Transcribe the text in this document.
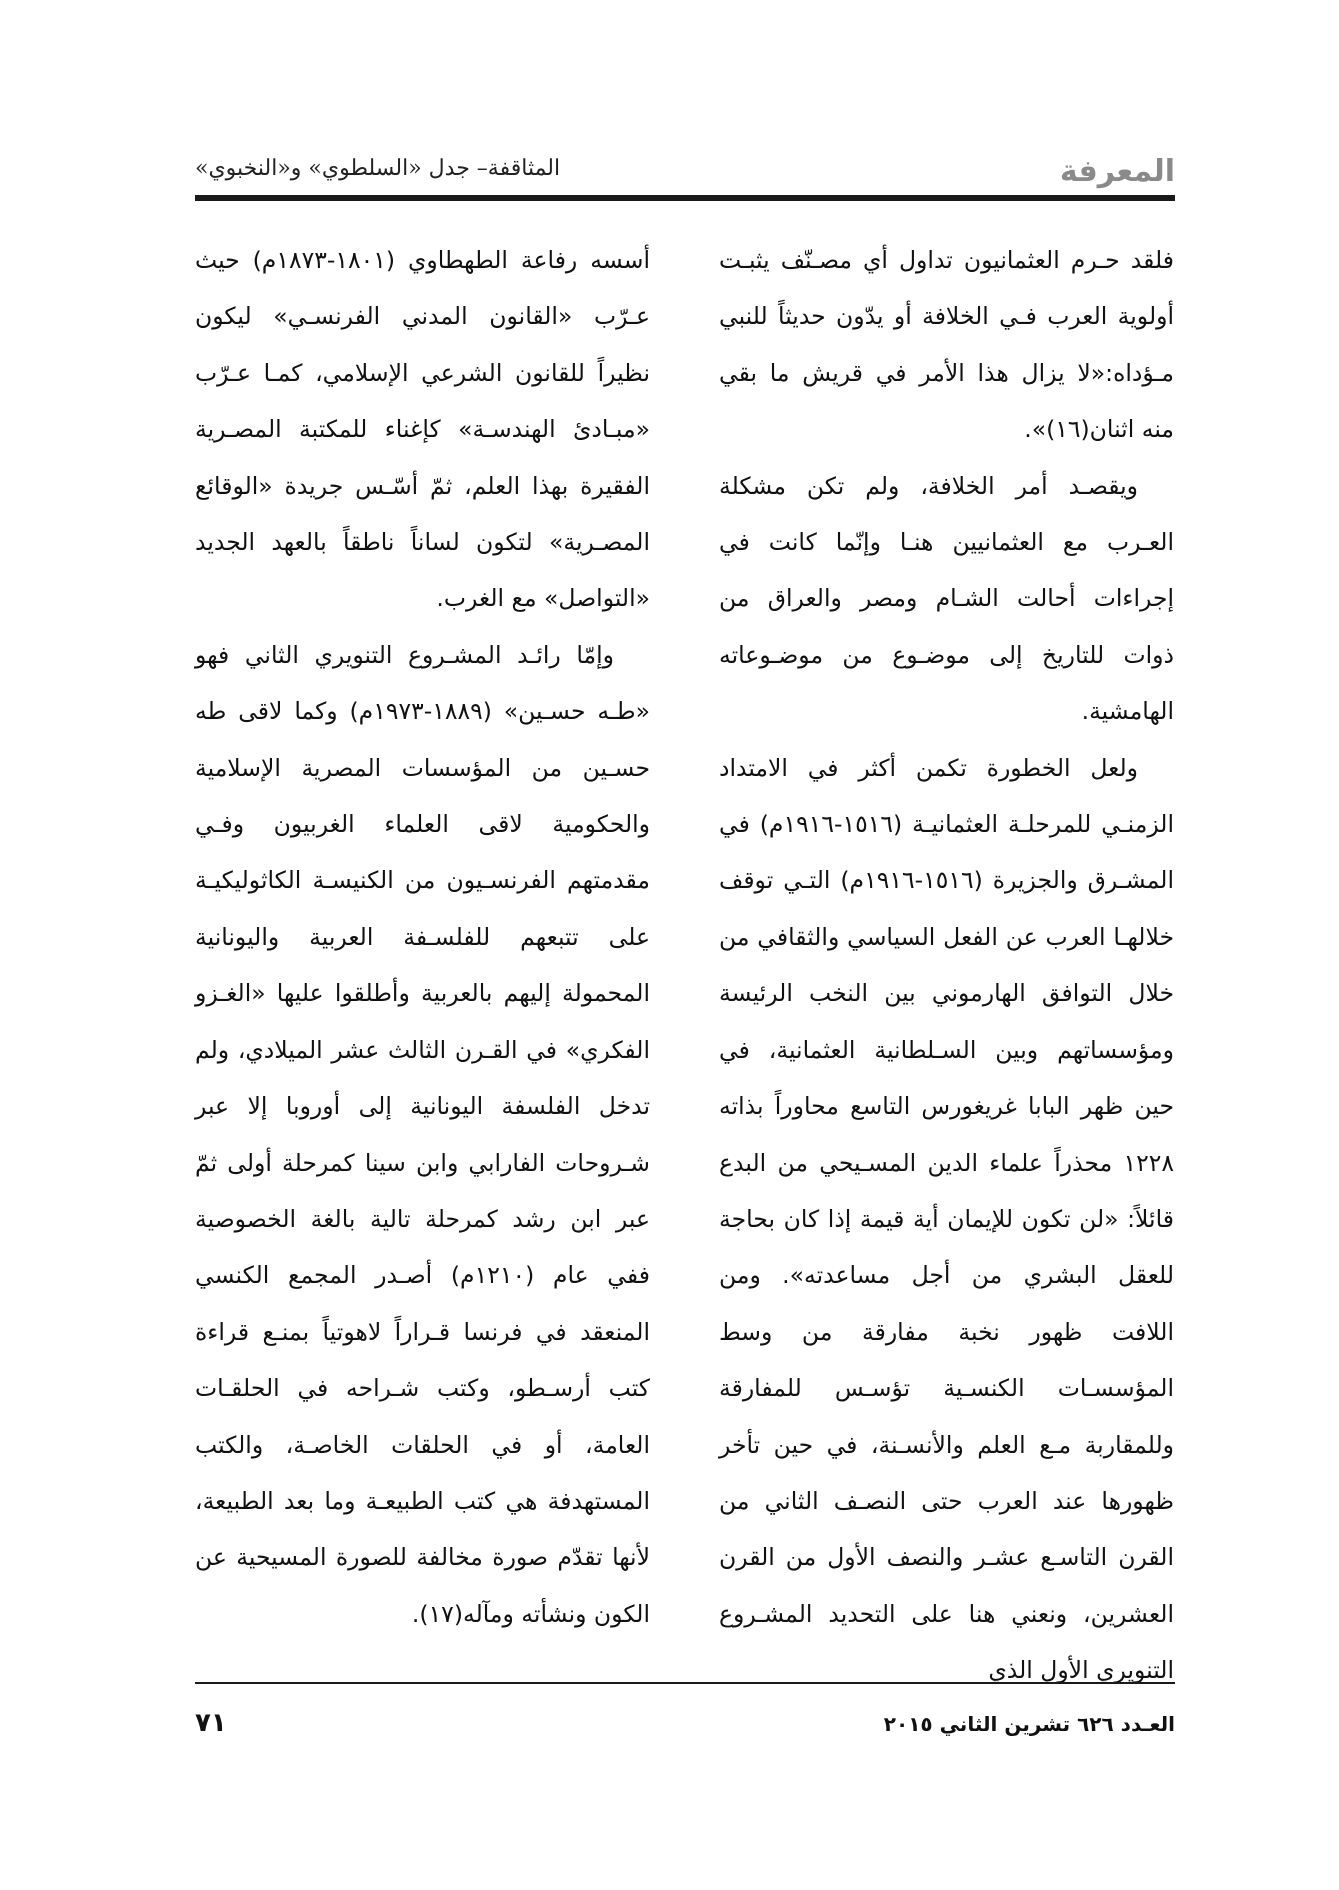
المعرفة
المثاقفة– جدل «السلطوي» و«النخبوي»

فلقد حـرم العثمانيون تداول أي مصـنّف يثبـت أولوية العرب فـي الخلافة أو يدّون حديثاً للنبي مـؤداه:«لا يزال هذا الأمر في قريش ما بقي منه اثنان(١٦)».

ويقصـد أمر الخلافة، ولم تكن مشكلة العـرب مع العثمانيين هنـا وإنّما كانت في إجراءات أحالت الشـام ومصر والعراق من ذوات للتاريخ إلى موضـوع من موضـوعاته الهامشية.

ولعل الخطورة تكمن أكثر في الامتداد الزمنـي للمرحلـة العثمانيـة (١٥١٦-١٩١٦م) في المشـرق والجزيرة (١٥١٦-١٩١٦م) التـي توقف خلالهـا العرب عن الفعل السياسي والثقافي من خلال التوافق الهارموني بين النخب الرئيسة ومؤسساتهم وبين السـلطانية العثمانية، في حين ظهر البابا غريغورس التاسع محاوراً بذاته ١٢٢٨ محذراً علماء الدين المسـيحي من البدع قائلاً: «لن تكون للإيمان أية قيمة إذا كان بحاجة للعقل البشري من أجل مساعدته». ومن اللافت ظهور نخبة مفارقة من وسط المؤسسـات الكنسـية تؤسـس للمفارقة وللمقاربة مـع العلم والأنسـنة، في حين تأخر ظهورها عند العرب حتى النصـف الثاني من القرن التاسـع عشـر والنصف الأول من القرن العشرين، ونعني هنا على التحديد المشـروع التنويري الأول الذي

أسسه رفاعة الطهطاوي (١٨٠١-١٨٧٣م) حيث عـرّب «القانون المدني الفرنسـي» ليكون نظيراً للقانون الشرعي الإسلامي، كمـا عـرّب «مبـادئ الهندسـة» كإغناء للمكتبة المصـرية الفقيرة بهذا العلم، ثمّ أسّـس جريدة «الوقائع المصـرية» لتكون لساناً ناطقاً بالعهد الجديد «التواصل» مع الغرب.

وإمّا رائـد المشـروع التنويري الثاني فهو «طـه حسـين» (١٨٨٩-١٩٧٣م) وكما لاقى طه حسـين من المؤسسات المصرية الإسلامية والحكومية لاقى العلماء الغربيون وفـي مقدمتهم الفرنسـيون من الكنيسـة الكاثوليكيـة على تتبعهم للفلسـفة العربية واليونانية المحمولة إليهم بالعربية وأطلقوا عليها «الغـزو الفكري» في القـرن الثالث عشر الميلادي، ولم تدخل الفلسفة اليونانية إلى أوروبا إلا عبر شـروحات الفارابي وابن سينا كمرحلة أولى ثمّ عبر ابن رشد كمرحلة تالية بالغة الخصوصية ففي عام (١٢١٠م) أصـدر المجمع الكنسي المنعقد في فرنسا قـراراً لاهوتياً بمنـع قراءة كتب أرسـطو، وكتب شـراحه في الحلقـات العامة، أو في الحلقات الخاصـة، والكتب المستهدفة هي كتب الطبيعـة وما بعد الطبيعة، لأنها تقدّم صورة مخالفة للصورة المسيحية عن الكون ونشأته ومآله(١٧).

العـدد ٦٢٦ تشرين الثاني ٢٠١٥
٧١
